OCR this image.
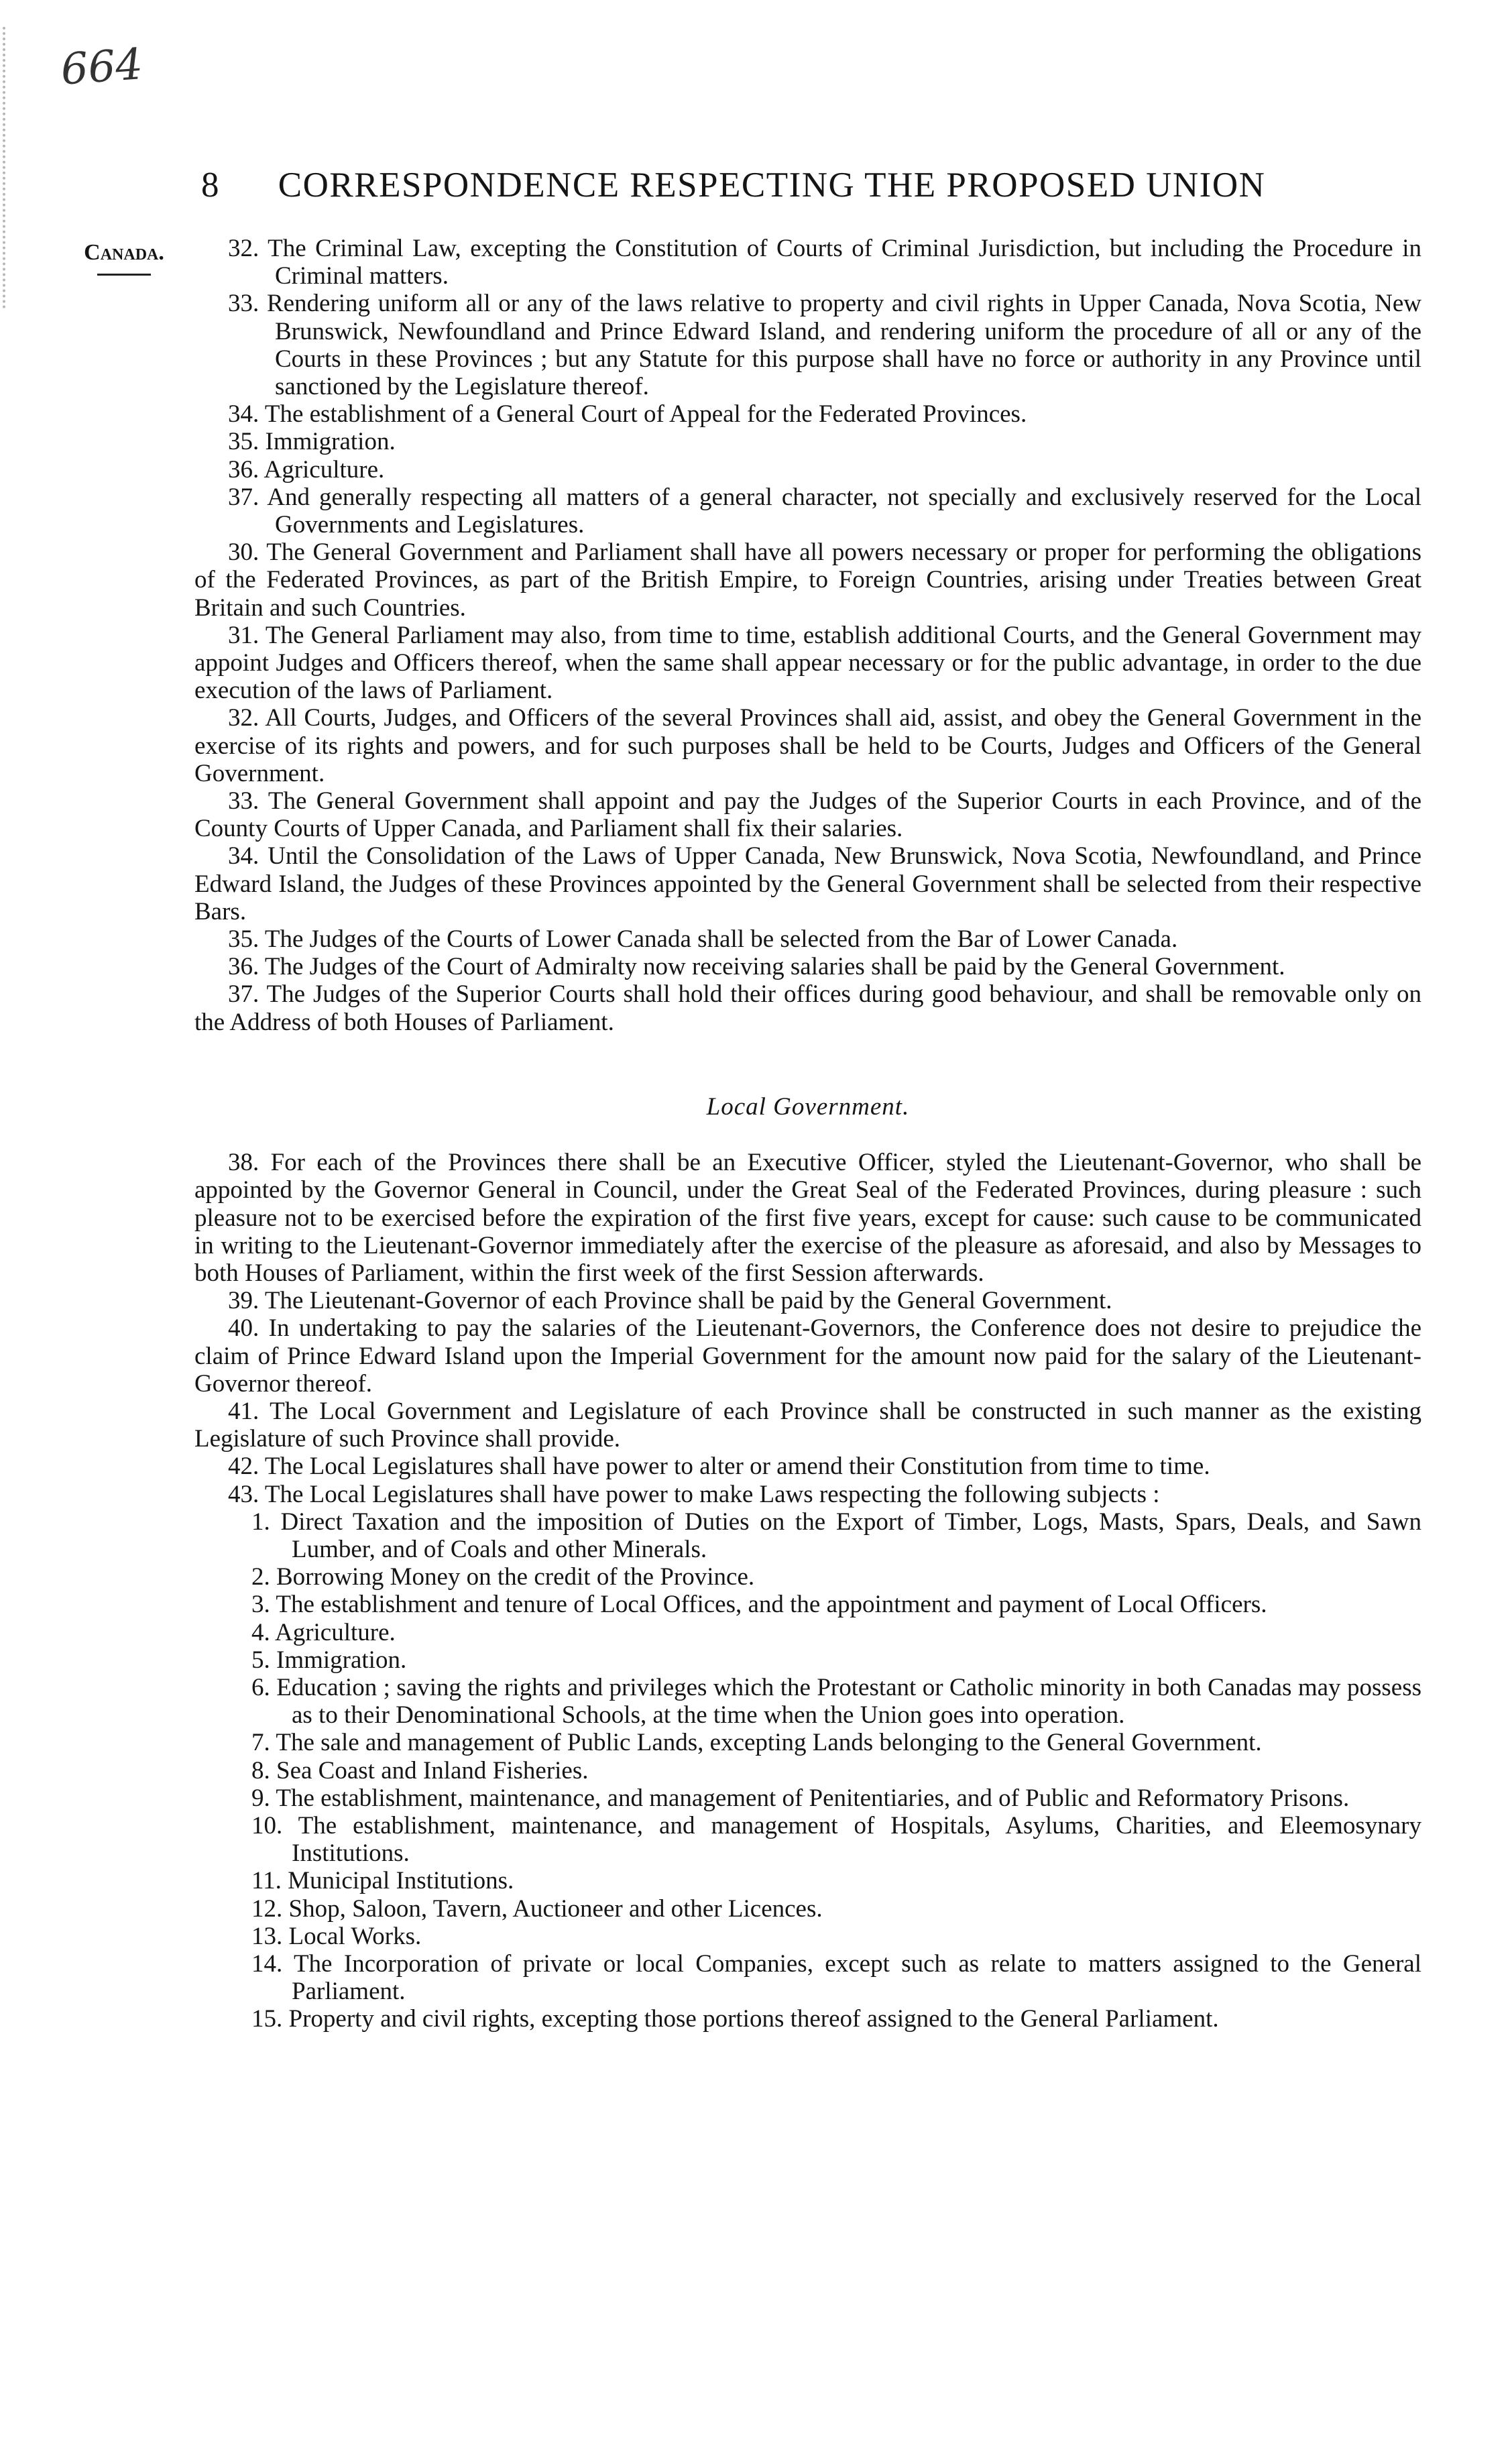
664
8 CORRESPONDENCE RESPECTING THE PROPOSED UNION
Canada.	32. The Criminal Law, excepting the Constitution of Courts of Criminal Jurisdiction, but including the Procedure in Criminal matters.

33. Rendering uniform all or any of the laws relative to property and civil rights in Upper Canada, Nova Scotia, New Brunswick, Newfoundland and Prince Edward Island, and rendering uniform the procedure of all or any of the Courts in these Provinces ; but any Statute for this purpose shall have no force or authority in any Province until sanctioned by the Legislature thereof.

34. The establishment of a General Court of Appeal for the Federated Provinces.

35. Immigration.

36. Agriculture.

37. And generally respecting all matters of a general character, not specially and exclusively reserved for the Local Governments and Legislatures.

30. The General Government and Parliament shall have all powers necessary or proper for performing the obligations of the Federated Provinces, as part of the British Empire, to Foreign Countries, arising under Treaties between Great Britain and such Countries.

31. The General Parliament may also, from time to time, establish additional Courts, and the General Government may appoint Judges and Officers thereof, when the same shall appear necessary or for the public advantage, in order to the due execution of the laws of Parliament.

32. All Courts, Judges, and Officers of the several Provinces shall aid, assist, and obey the General Government in the exercise of its rights and powers, and for such purposes shall be held to be Courts, Judges and Officers of the General Government.

33. The General Government shall appoint and pay the Judges of the Superior Courts in each Province, and of the County Courts of Upper Canada, and Parliament shall fix their salaries.

34. Until the Consolidation of the Laws of Upper Canada, New Brunswick, Nova Scotia, Newfoundland, and Prince Edward Island, the Judges of these Provinces appointed by the General Government shall be selected from their respective Bars.

35. The Judges of the Courts of Lower Canada shall be selected from the Bar of Lower Canada.

36. The Judges of the Court of Admiralty now receiving salaries shall be paid by the General Government.

37. The Judges of the Superior Courts shall hold their offices during good behaviour, and shall be removable only on the Address of both Houses of Parliament.

Local Government.

38. For each of the Provinces there shall be an Executive Officer, styled the Lieutenant-Governor, who shall be appointed by the Governor General in Council, under the Great Seal of the Federated Provinces, during pleasure : such pleasure not to be exercised before the expiration of the first five years, except for cause: such cause to be communicated in writing to the Lieutenant-Governor immediately after the exercise of the pleasure as aforesaid, and also by Messages to both Houses of Parliament, within the first week of the first Session afterwards.

39. The Lieutenant-Governor of each Province shall be paid by the General Government.

40. In undertaking to pay the salaries of the Lieutenant-Governors, the Conference does not desire to prejudice the claim of Prince Edward Island upon the Imperial Government for the amount now paid for the salary of the Lieutenant-Governor thereof.

41. The Local Government and Legislature of each Province shall be constructed in such manner as the existing Legislature of such Province shall provide.

42. The Local Legislatures shall have power to alter or amend their Constitution from time to time.

43. The Local Legislatures shall have power to make Laws respecting the following subjects :

1. Direct Taxation and the imposition of Duties on the Export of Timber, Logs, Masts, Spars, Deals, and Sawn Lumber, and of Coals and other Minerals.

2. Borrowing Money on the credit of the Province.

3. The establishment and tenure of Local Offices, and the appointment and payment of Local Officers.

4. Agriculture.

5. Immigration.

6. Education ; saving the rights and privileges which the Protestant or Catholic minority in both Canadas may possess as to their Denominational Schools, at the time when the Union goes into operation.

7. The sale and management of Public Lands, excepting Lands belonging to the General Government.

8. Sea Coast and Inland Fisheries.

9. The establishment, maintenance, and management of Penitentiaries, and of Public and Reformatory Prisons.

10. The establishment, maintenance, and management of Hospitals, Asylums, Charities, and Eleemosynary Institutions.

11. Municipal Institutions.

12. Shop, Saloon, Tavern, Auctioneer and other Licences.

13. Local Works.

14. The Incorporation of private or local Companies, except such as relate to matters assigned to the General Parliament.

15. Property and civil rights, excepting those portions thereof assigned to the General Parliament.
